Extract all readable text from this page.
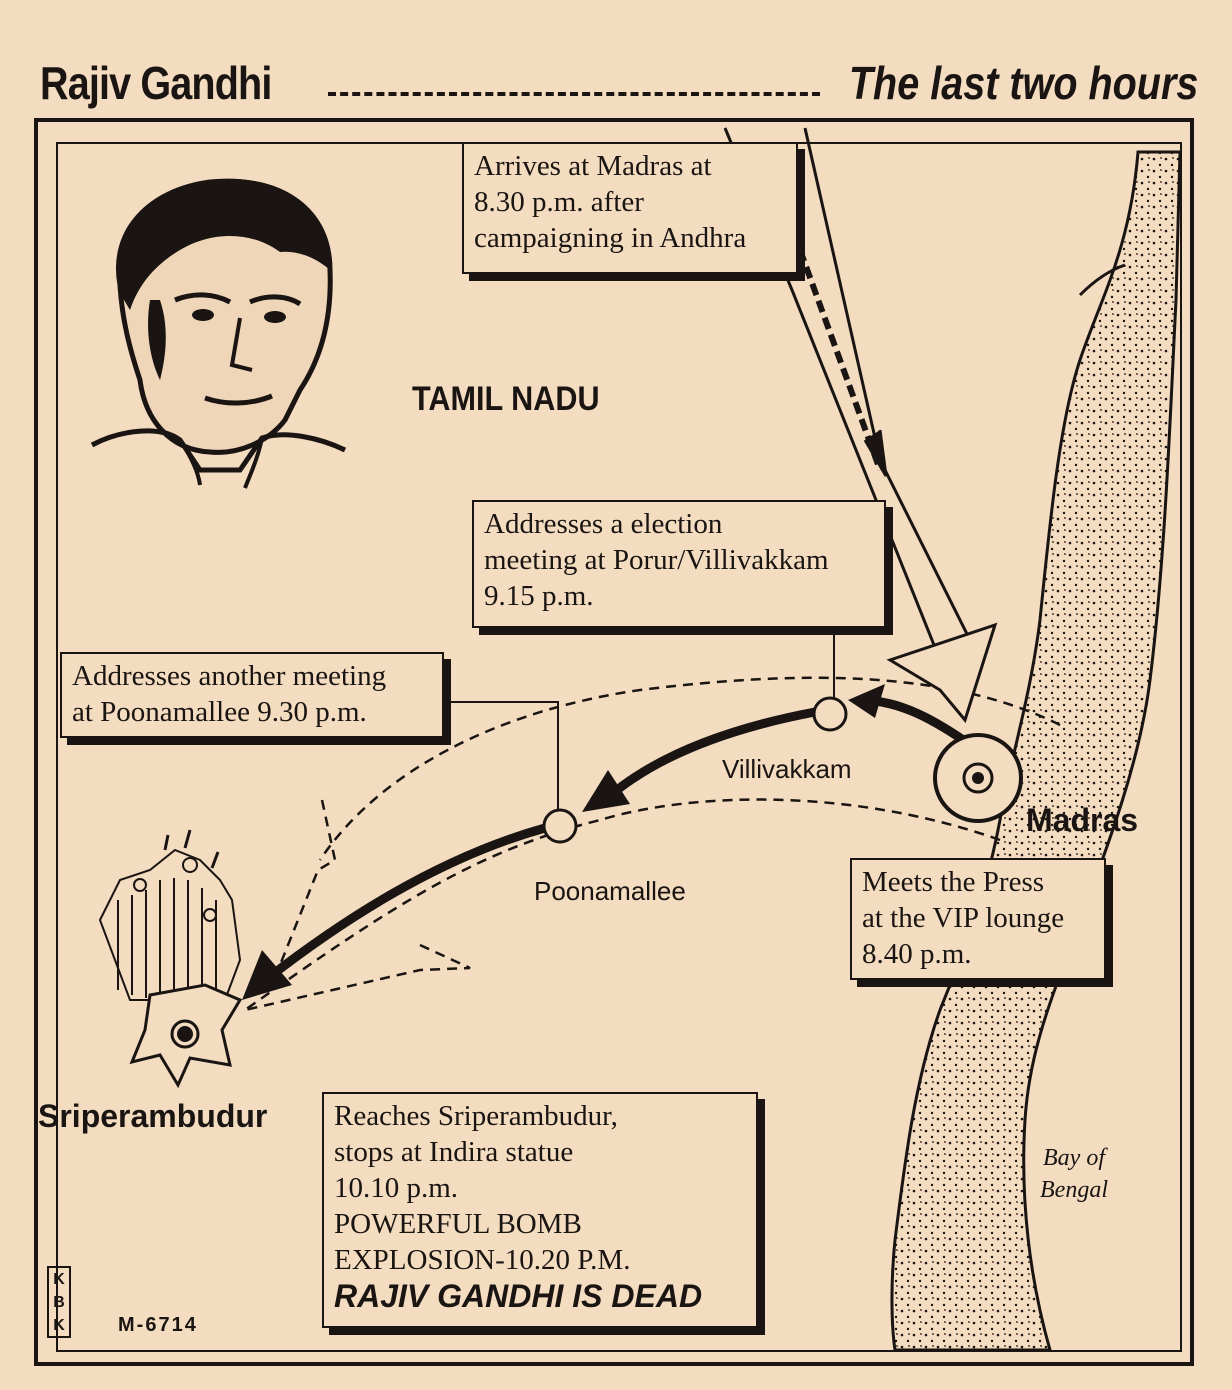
Rajiv Gandhi	The last two hours
TAMIL NADU
Villivakkam
Poonamallee
Madras
Sriperambudur
Bay of
Bengal
Arrives at Madras at
8.30 p.m. after
campaigning in Andhra
Addresses a election
meeting at Porur/Villivakkam
9.15 p.m.
Addresses another meeting
at Poonamallee 9.30 p.m.
Meets the Press
at the VIP lounge
8.40 p.m.
Reaches Sriperambudur,
stops at Indira statue
10.10 p.m.
POWERFUL BOMB
EXPLOSION-10.20 P.M.
RAJIV GANDHI IS DEAD
K
B
K	M-6714
